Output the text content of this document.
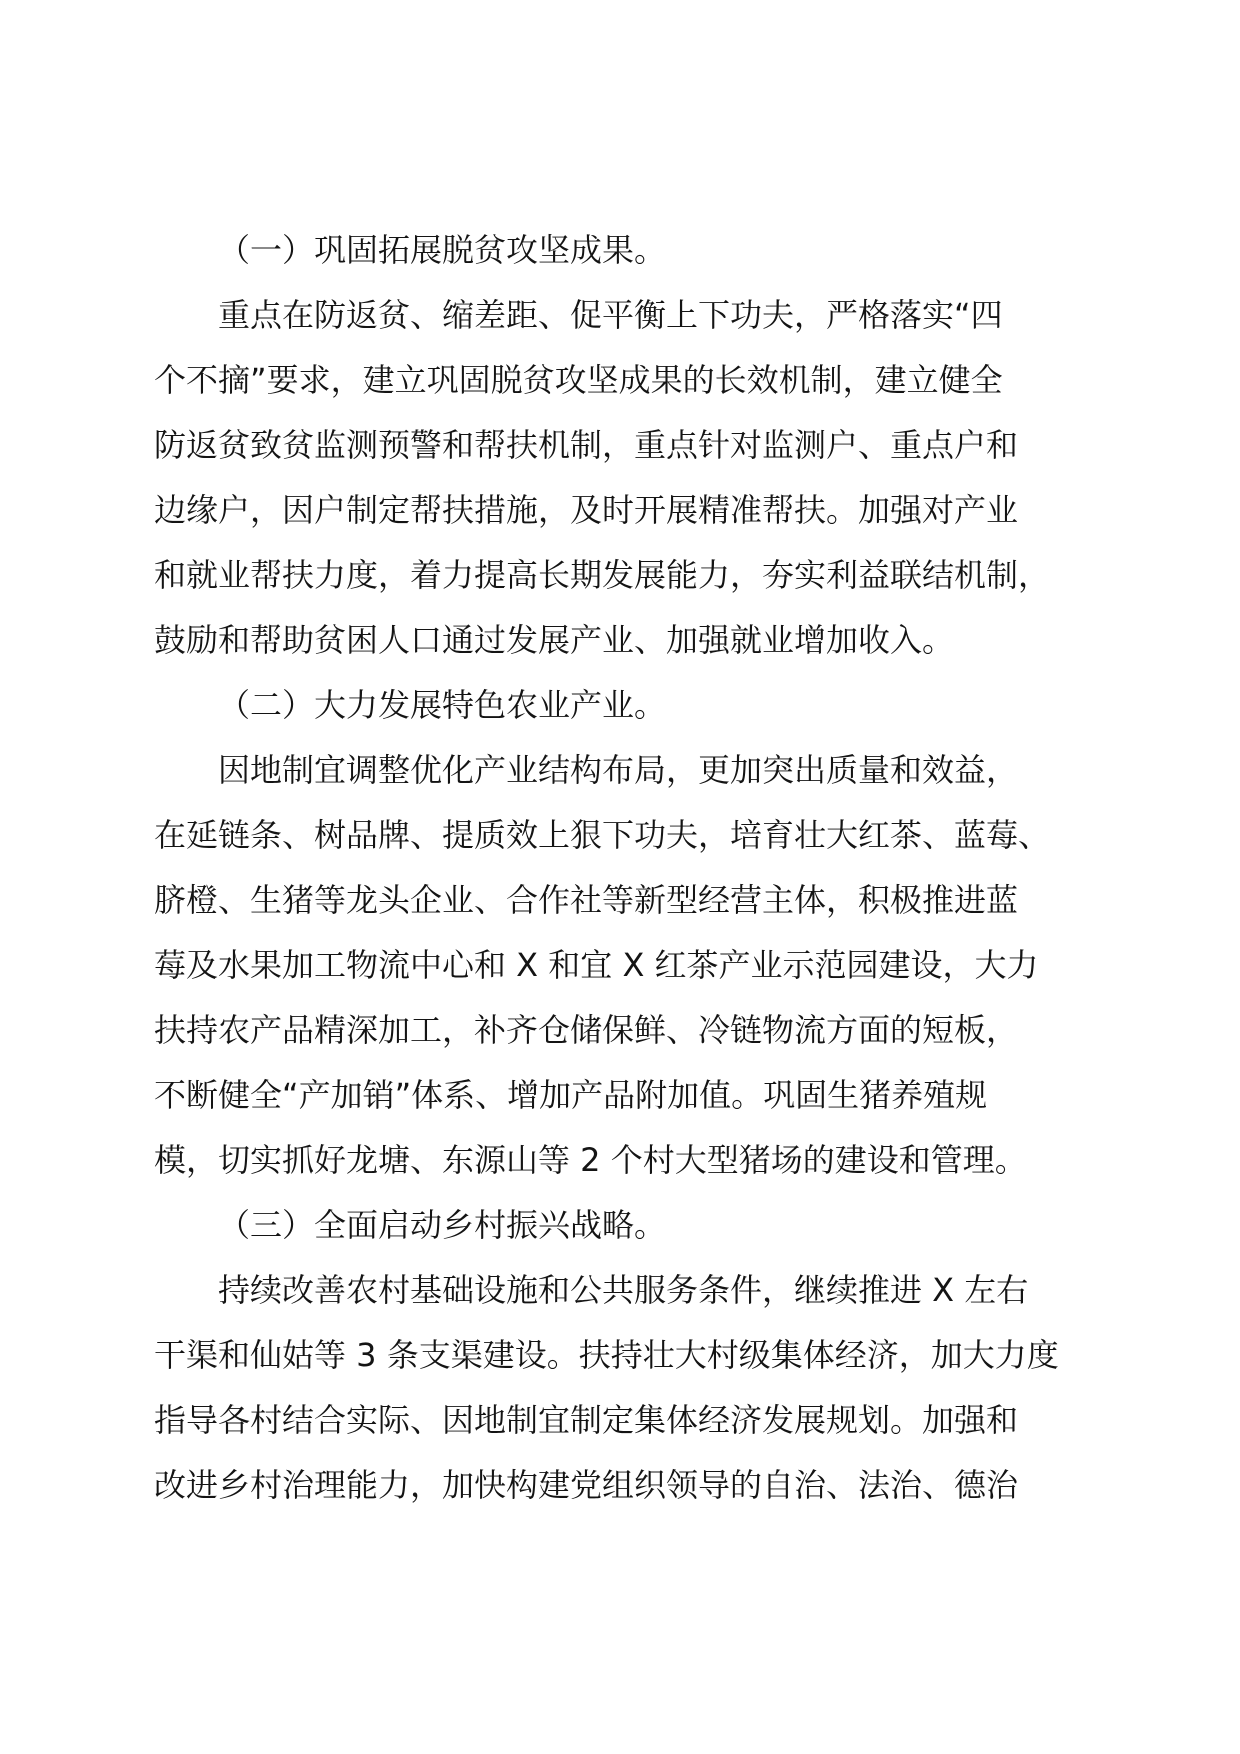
（一）巩固拓展脱贫攻坚成果。
重点在防返贫、缩差距、促平衡上下功夫，严格落实“四
个不摘”要求，建立巩固脱贫攻坚成果的长效机制，建立健全
防返贫致贫监测预警和帮扶机制，重点针对监测户、重点户和
边缘户，因户制定帮扶措施，及时开展精准帮扶。加强对产业
和就业帮扶力度，着力提高长期发展能力，夯实利益联结机制，
鼓励和帮助贫困人口通过发展产业、加强就业增加收入。
（二）大力发展特色农业产业。
因地制宜调整优化产业结构布局，更加突出质量和效益，
在延链条、树品牌、提质效上狠下功夫，培育壮大红茶、蓝莓、
脐橙、生猪等龙头企业、合作社等新型经营主体，积极推进蓝
莓及水果加工物流中心和 X 和宜 X 红茶产业示范园建设，大力
扶持农产品精深加工，补齐仓储保鲜、冷链物流方面的短板，
不断健全“产加销”体系、增加产品附加值。巩固生猪养殖规
模，切实抓好龙塘、东源山等 2 个村大型猪场的建设和管理。
（三）全面启动乡村振兴战略。
持续改善农村基础设施和公共服务条件，继续推进 X 左右
干渠和仙姑等 3 条支渠建设。扶持壮大村级集体经济，加大力度
指导各村结合实际、因地制宜制定集体经济发展规划。加强和
改进乡村治理能力，加快构建党组织领导的自治、法治、德治
